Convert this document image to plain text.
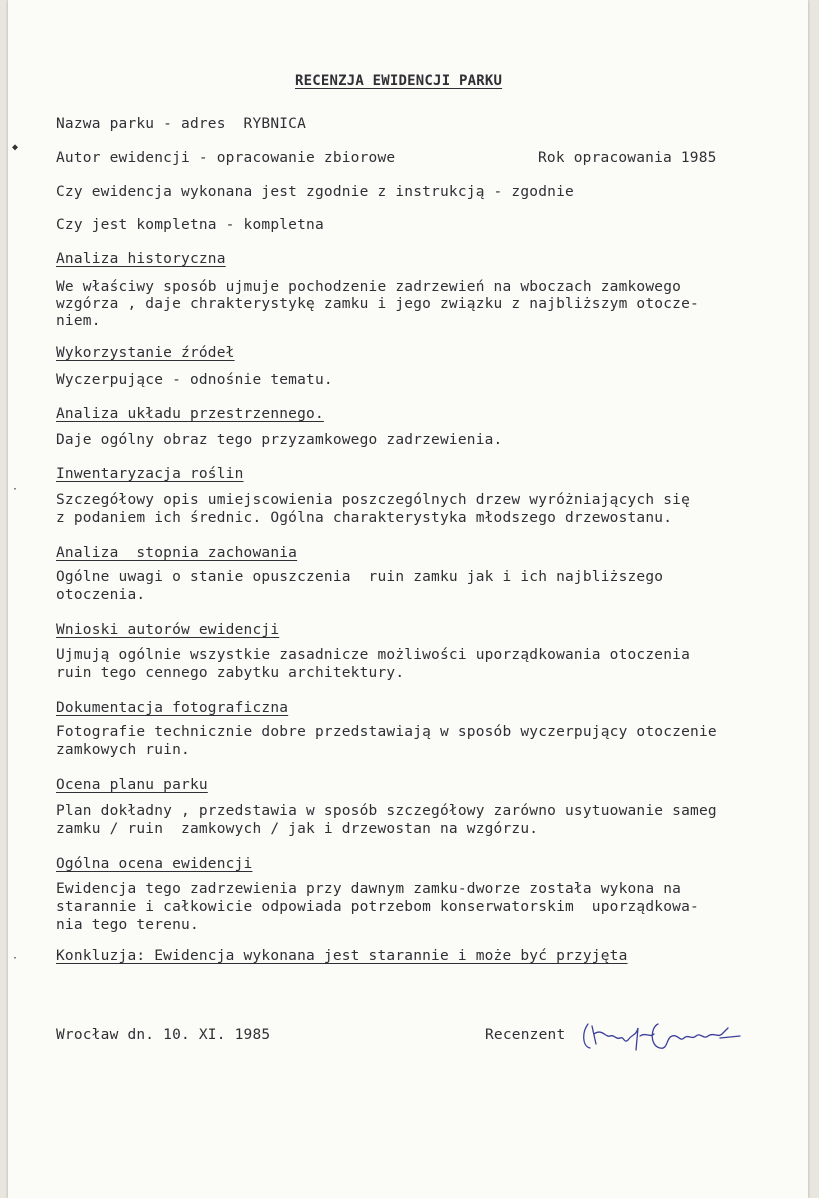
◆
·
·
RECENZJA EWIDENCJI PARKU
Nazwa parku - adres  RYBNICA
Autor ewidencji - opracowanie zbiorowe	Rok opracowania 1985
Czy ewidencja wykonana jest zgodnie z instrukcją - zgodnie
Czy jest kompletna - kompletna
Analiza historyczna
We właściwy sposób ujmuje pochodzenie zadrzewień na wboczach zamkowego
wzgórza , daje chrakterystykę zamku i jego związku z najbliższym otocze-
niem.
Wykorzystanie źródeł
Wyczerpujące - odnośnie tematu.
Analiza układu przestrzennego.
Daje ogólny obraz tego przyzamkowego zadrzewienia.
Inwentaryzacja roślin
Szczegółowy opis umiejscowienia poszczególnych drzew wyróżniających się
z podaniem ich średnic. Ogólna charakterystyka młodszego drzewostanu.
Analiza  stopnia zachowania
Ogólne uwagi o stanie opuszczenia  ruin zamku jak i ich najbliższego
otoczenia.
Wnioski autorów ewidencji
Ujmują ogólnie wszystkie zasadnicze możliwości uporządkowania otoczenia
ruin tego cennego zabytku architektury.
Dokumentacja fotograficzna
Fotografie technicznie dobre przedstawiają w sposób wyczerpujący otoczenie
zamkowych ruin.
Ocena planu parku
Plan dokładny , przedstawia w sposób szczegółowy zarówno usytuowanie sameg
zamku / ruin  zamkowych / jak i drzewostan na wzgórzu.
Ogólna ocena ewidencji
Ewidencja tego zadrzewienia przy dawnym zamku-dworze została wykona na
starannie i całkowicie odpowiada potrzebom konserwatorskim  uporządkowa-
nia tego terenu.
Konkluzja: Ewidencja wykonana jest starannie i może być przyjęta
Wrocław dn. 10. XI. 1985	Recenzent
